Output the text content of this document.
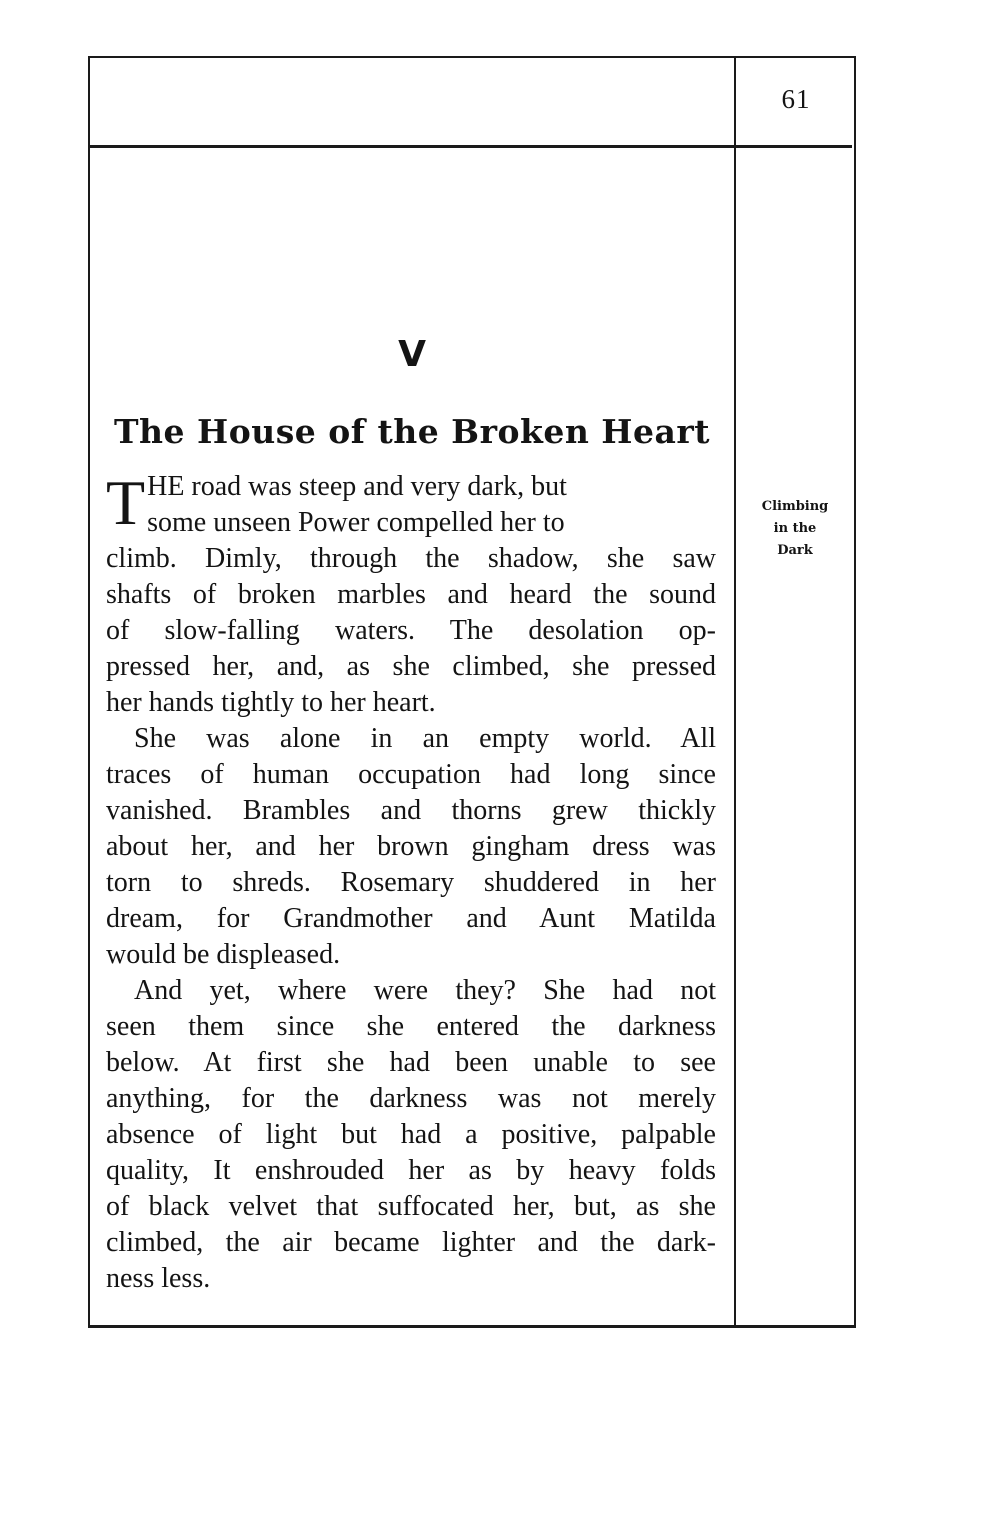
61
V
The House of the Broken Heart
Climbing
in the
Dark
T HE road was steep and very dark, but

some unseen Power compelled her to

climb. Dimly, through the shadow, she saw

shafts of broken marbles and heard the sound

of slow-falling waters. The desolation op-

pressed her, and, as she climbed, she pressed

her hands tightly to her heart.

She was alone in an empty world. All

traces of human occupation had long since

vanished. Brambles and thorns grew thickly

about her, and her brown gingham dress was

torn to shreds. Rosemary shuddered in her

dream, for Grandmother and Aunt Matilda

would be displeased.

And yet, where were they? She had not

seen them since she entered the darkness

below. At first she had been unable to see

anything, for the darkness was not merely

absence of light but had a positive, palpable

quality, It enshrouded her as by heavy folds

of black velvet that suffocated her, but, as she

climbed, the air became lighter and the dark-

ness less.
